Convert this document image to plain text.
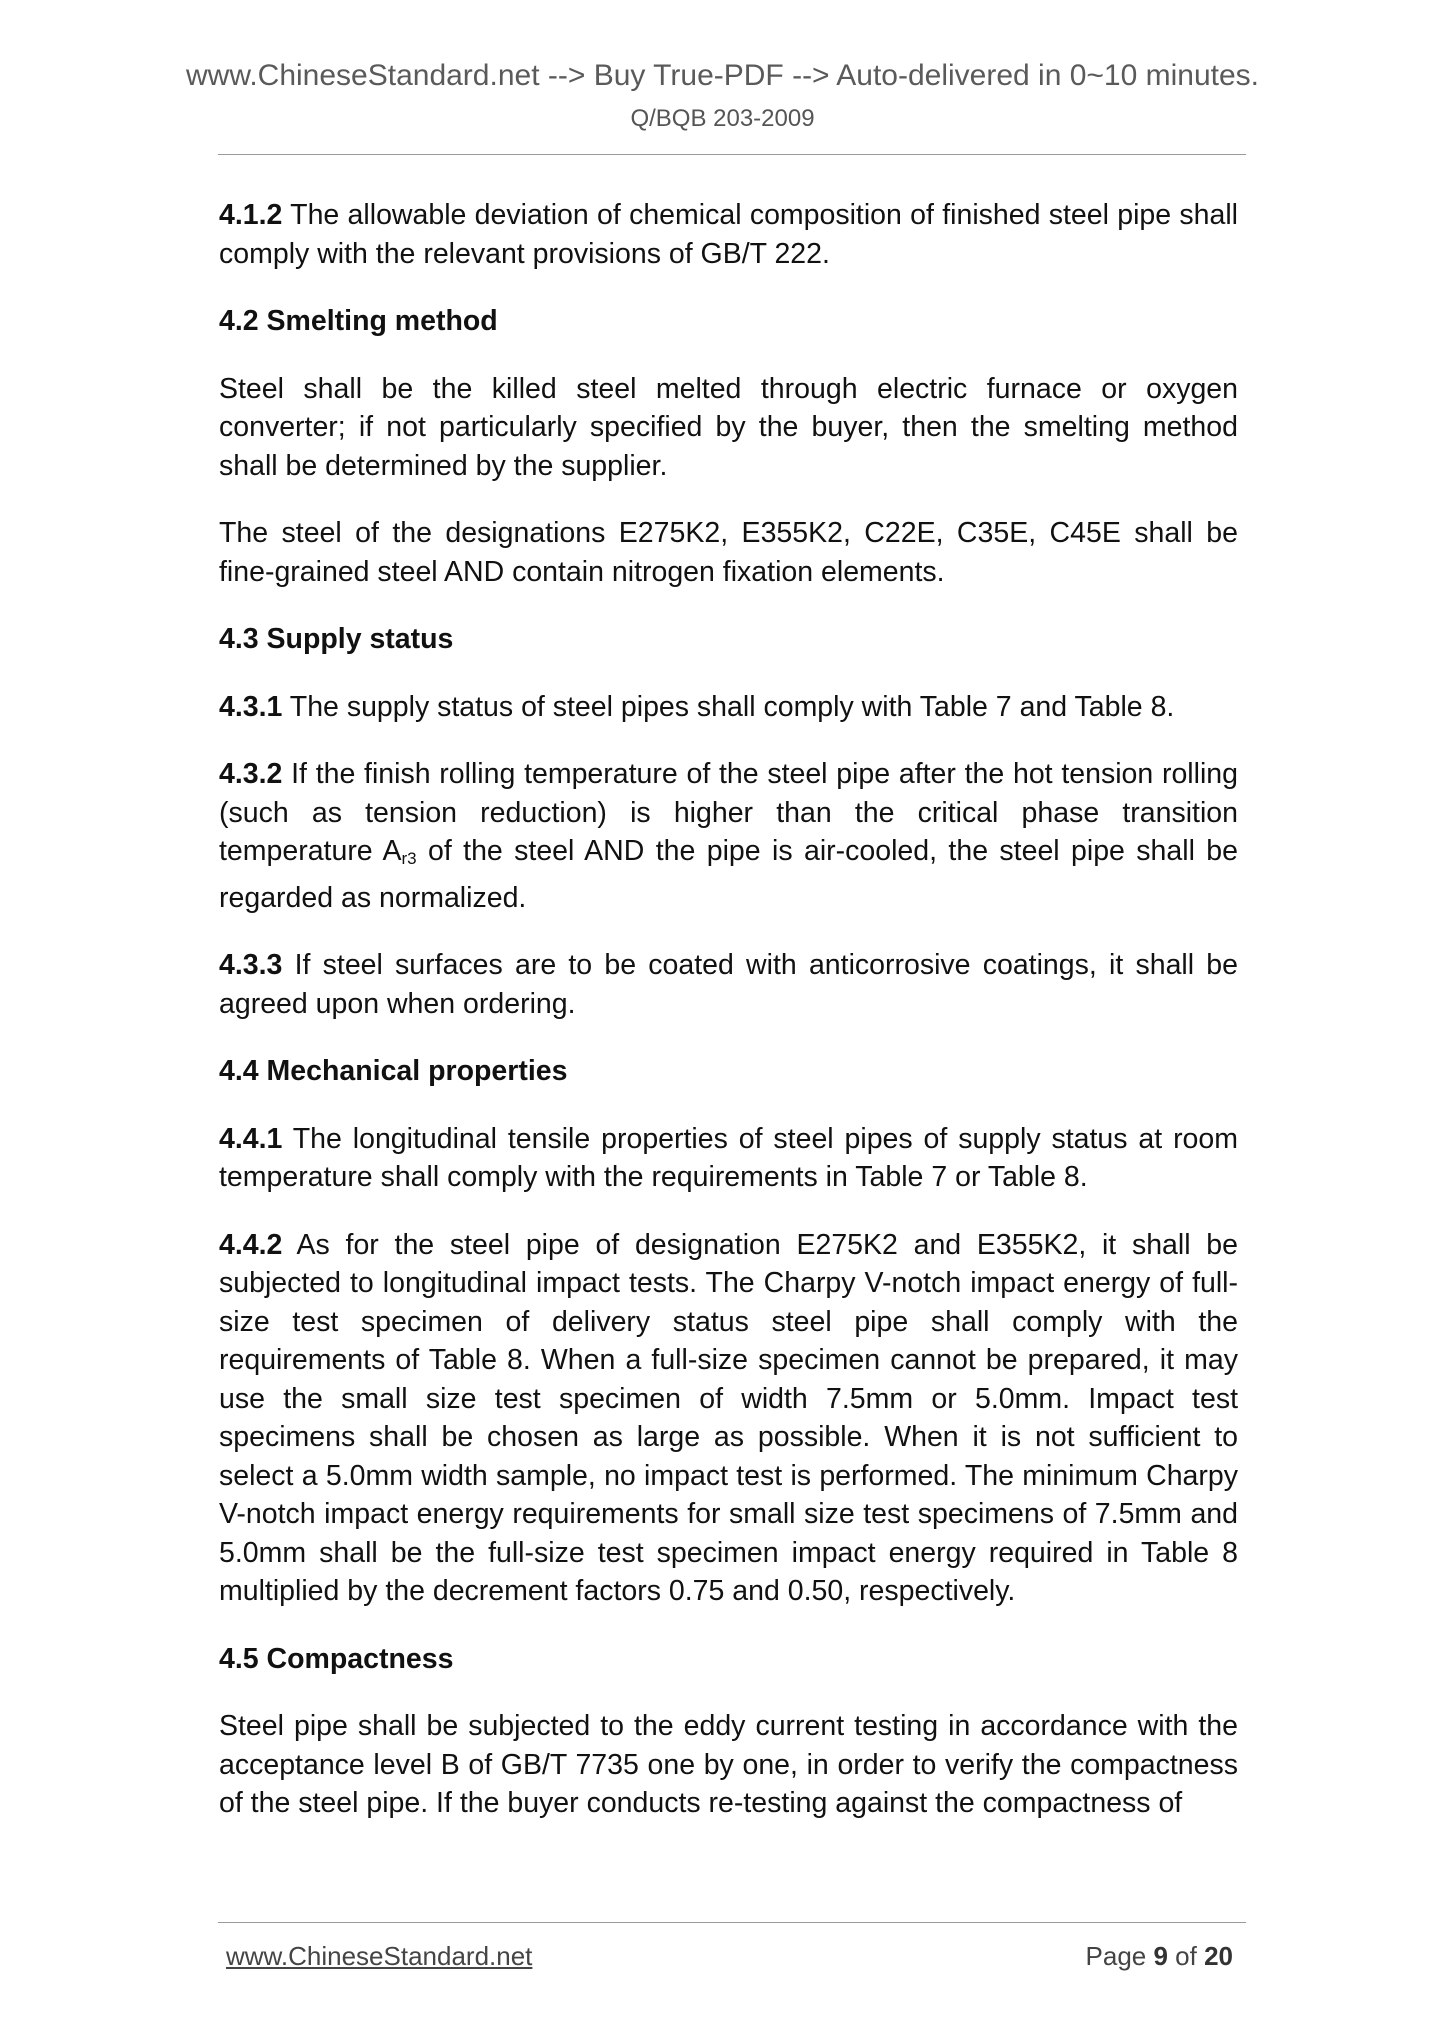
www.ChineseStandard.net --> Buy True-PDF --> Auto-delivered in 0~10 minutes.
Q/BQB 203-2009

4.1.2 The allowable deviation of chemical composition of finished steel pipe shall comply with the relevant provisions of GB/T 222.

4.2 Smelting method

Steel shall be the killed steel melted through electric furnace or oxygen converter; if not particularly specified by the buyer, then the smelting method shall be determined by the supplier.

The steel of the designations E275K2, E355K2, C22E, C35E, C45E shall be fine-grained steel AND contain nitrogen fixation elements.

4.3 Supply status

4.3.1 The supply status of steel pipes shall comply with Table 7 and Table 8.

4.3.2 If the finish rolling temperature of the steel pipe after the hot tension rolling (such as tension reduction) is higher than the critical phase transition temperature $A_{r3}$ of the steel AND the pipe is air-cooled, the steel pipe shall be regarded as normalized.

4.3.3 If steel surfaces are to be coated with anticorrosive coatings, it shall be agreed upon when ordering.

4.4 Mechanical properties

4.4.1 The longitudinal tensile properties of steel pipes of supply status at room temperature shall comply with the requirements in Table 7 or Table 8.

4.4.2 As for the steel pipe of designation E275K2 and E355K2, it shall be subjected to longitudinal impact tests. The Charpy V-notch impact energy of full-size test specimen of delivery status steel pipe shall comply with the requirements of Table 8. When a full-size specimen cannot be prepared, it may use the small size test specimen of width 7.5mm or 5.0mm. Impact test specimens shall be chosen as large as possible. When it is not sufficient to select a 5.0mm width sample, no impact test is performed. The minimum Charpy V-notch impact energy requirements for small size test specimens of 7.5mm and 5.0mm shall be the full-size test specimen impact energy required in Table 8 multiplied by the decrement factors 0.75 and 0.50, respectively.

4.5 Compactness

Steel pipe shall be subjected to the eddy current testing in accordance with the acceptance level B of GB/T 7735 one by one, in order to verify the compactness of the steel pipe. If the buyer conducts re-testing against the compactness of

www.ChineseStandard.net	Page 9 of 20
